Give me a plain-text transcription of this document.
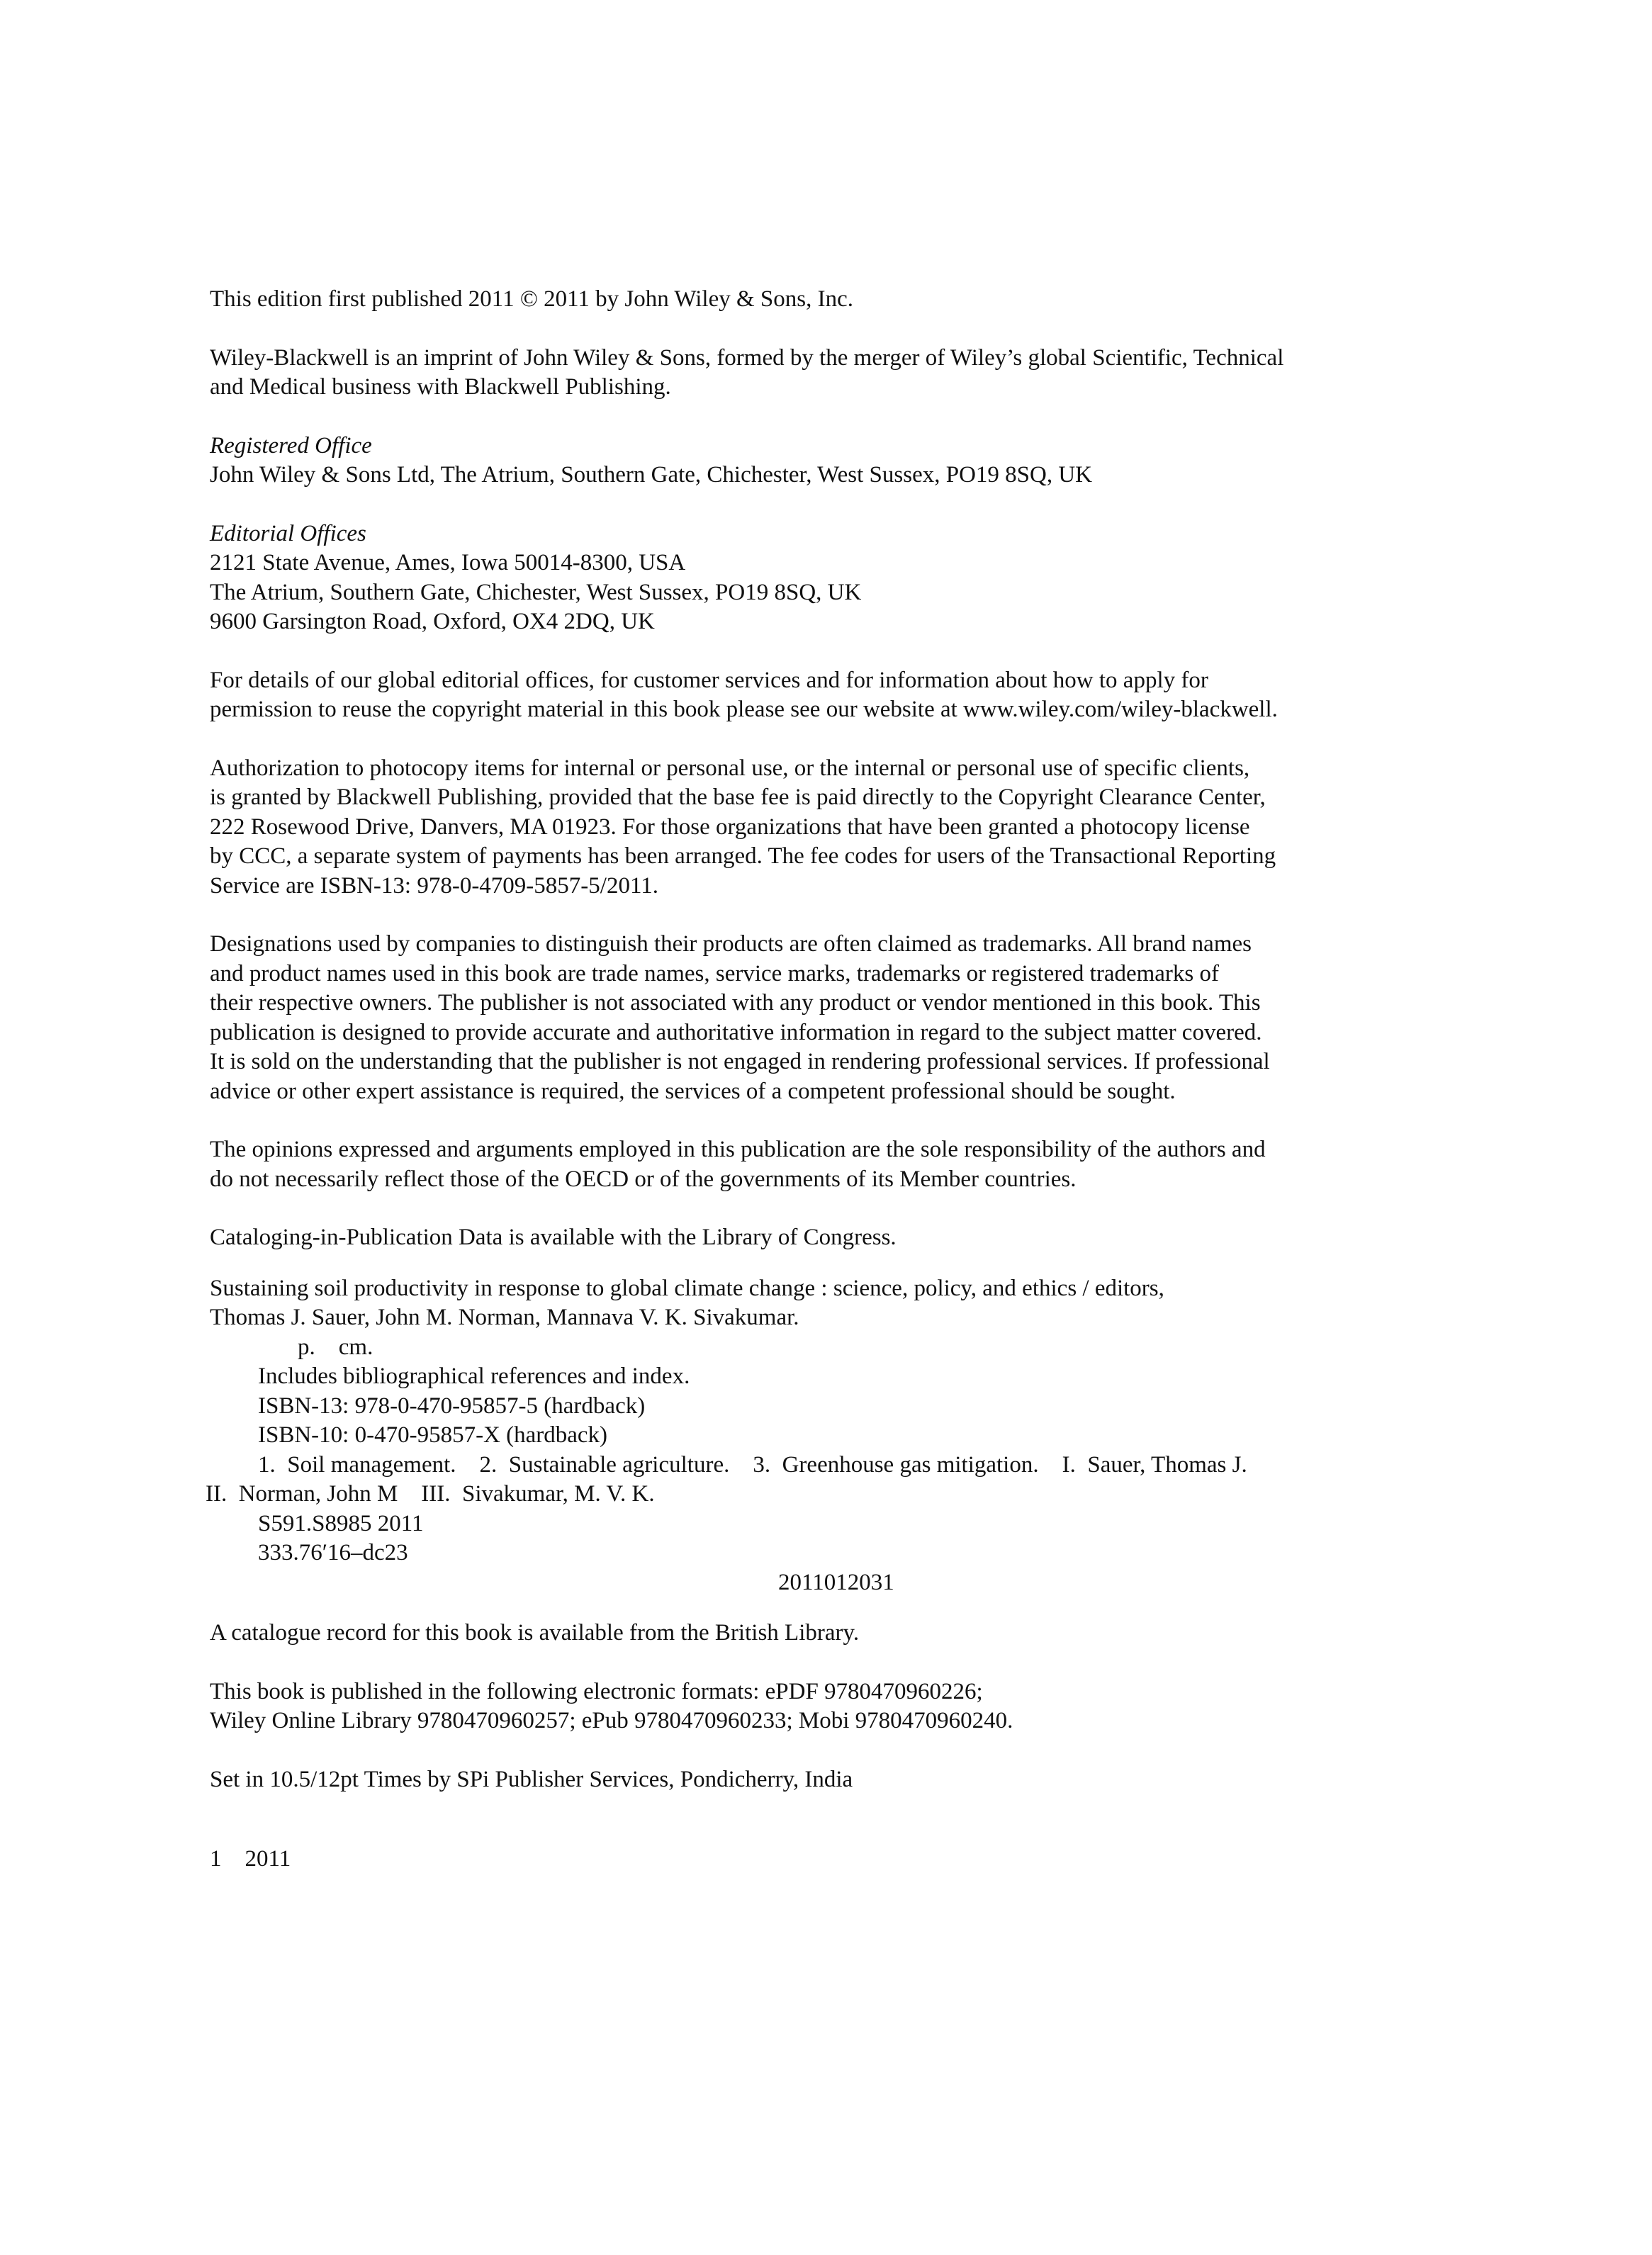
This edition first published 2011 © 2011 by John Wiley & Sons, Inc.

Wiley-Blackwell is an imprint of John Wiley & Sons, formed by the merger of Wiley’s global Scientific, Technical
and Medical business with Blackwell Publishing.

Registered Office
John Wiley & Sons Ltd, The Atrium, Southern Gate, Chichester, West Sussex, PO19 8SQ, UK

Editorial Offices
2121 State Avenue, Ames, Iowa 50014-8300, USA
The Atrium, Southern Gate, Chichester, West Sussex, PO19 8SQ, UK
9600 Garsington Road, Oxford, OX4 2DQ, UK

For details of our global editorial offices, for customer services and for information about how to apply for
permission to reuse the copyright material in this book please see our website at www.wiley.com/wiley-blackwell.

Authorization to photocopy items for internal or personal use, or the internal or personal use of specific clients,
is granted by Blackwell Publishing, provided that the base fee is paid directly to the Copyright Clearance Center,
222 Rosewood Drive, Danvers, MA 01923. For those organizations that have been granted a photocopy license
by CCC, a separate system of payments has been arranged. The fee codes for users of the Transactional Reporting
Service are ISBN-13: 978-0-4709-5857-5/2011.

Designations used by companies to distinguish their products are often claimed as trademarks. All brand names
and product names used in this book are trade names, service marks, trademarks or registered trademarks of
their respective owners. The publisher is not associated with any product or vendor mentioned in this book. This
publication is designed to provide accurate and authoritative information in regard to the subject matter covered.
It is sold on the understanding that the publisher is not engaged in rendering professional services. If professional
advice or other expert assistance is required, the services of a competent professional should be sought.

The opinions expressed and arguments employed in this publication are the sole responsibility of the authors and
do not necessarily reflect those of the OECD or of the governments of its Member countries.

Cataloging-in-Publication Data is available with the Library of Congress.

Sustaining soil productivity in response to global climate change : science, policy, and ethics / editors,
Thomas J. Sauer, John M. Norman, Mannava V. K. Sivakumar.
p.    cm.
Includes bibliographical references and index.
ISBN-13: 978-0-470-95857-5 (hardback)
ISBN-10: 0-470-95857-X (hardback)
1.  Soil management.    2.  Sustainable agriculture.    3.  Greenhouse gas mitigation.    I.  Sauer, Thomas J.
II.  Norman, John M    III.  Sivakumar, M. V. K.
S591.S8985 2011
333.76′16–dc23
2011012031

A catalogue record for this book is available from the British Library.

This book is published in the following electronic formats: ePDF 9780470960226;
Wiley Online Library 9780470960257; ePub 9780470960233; Mobi 9780470960240.

Set in 10.5/12pt Times by SPi Publisher Services, Pondicherry, India

1    2011
